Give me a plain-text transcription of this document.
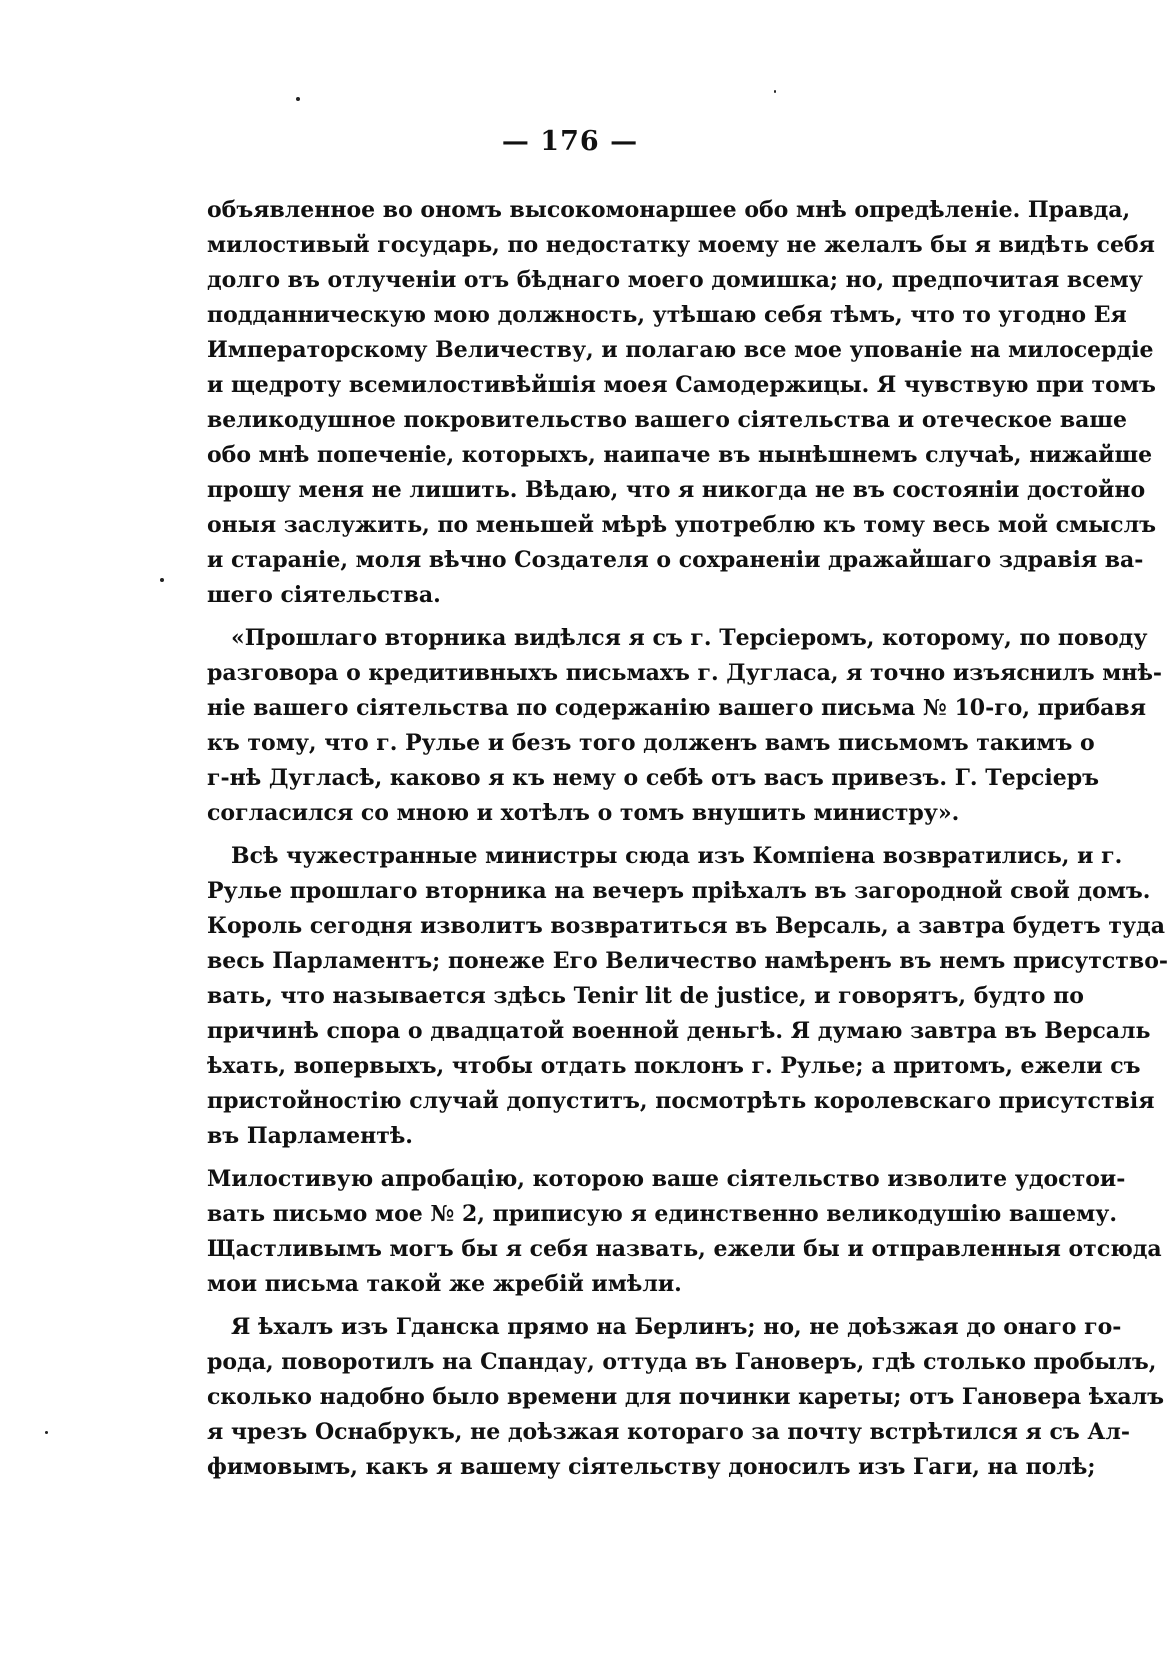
— 176 —
объявленное во ономъ высокомонаршее обо мнѣ опредѣленіе. Правда,
милостивый государь, по недостатку моему не желалъ бы я видѣть себя
долго въ отлученіи отъ бѣднаго моего домишка; но, предпочитая всему
подданническую мою должность, утѣшаю себя тѣмъ, что то угодно Ея
Императорскому Величеству, и полагаю все мое упованіе на милосердіе
и щедроту всемилостивѣйшія моея Самодержицы. Я чувствую при томъ
великодушное покровительство вашего сіятельства и отеческое ваше
обо мнѣ попеченіе, которыхъ, наипаче въ нынѣшнемъ случаѣ, нижайше
прошу меня не лишить. Вѣдаю, что я никогда не въ состояніи достойно
оныя заслужить, по меньшей мѣрѣ употреблю къ тому весь мой смыслъ
и стараніе, моля вѣчно Создателя о сохраненіи дражайшаго здравія ва-
шего сіятельства.
«Прошлаго вторника видѣлся я съ г. Терсіеромъ, которому, по поводу
разговора о кредитивныхъ письмахъ г. Дугласа, я точно изъяснилъ мнѣ-
ніе вашего сіятельства по содержанію вашего письма № 10-го, прибавя
къ тому, что г. Рулье и безъ того долженъ вамъ письмомъ такимъ о
г-нѣ Дугласѣ, каково я къ нему о себѣ отъ васъ привезъ. Г. Терсіеръ
согласился со мною и хотѣлъ о томъ внушить министру».
Всѣ чужестранные министры сюда изъ Компіена возвратились, и г.
Рулье прошлаго вторника на вечеръ пріѣхалъ въ загородной свой домъ.
Король сегодня изволитъ возвратиться въ Версаль, а завтра будетъ туда
весь Парламентъ; понеже Его Величество намѣренъ въ немъ присутство-
вать, что называется здѣсь Tenir lit de justice, и говорятъ, будто по
причинѣ спора о двадцатой военной деньгѣ. Я думаю завтра въ Версаль
ѣхать, вопервыхъ, чтобы отдать поклонъ г. Рулье; а притомъ, ежели съ
пристойностію случай допуститъ, посмотрѣть королевскаго присутствія
въ Парламентѣ.
Милостивую апробацію, которою ваше сіятельство изволите удостои-
вать письмо мое № 2, приписую я единственно великодушію вашему.
Щастливымъ могъ бы я себя назвать, ежели бы и отправленныя отсюда
мои письма такой же жребій имѣли.
Я ѣхалъ изъ Гданска прямо на Берлинъ; но, не доѣзжая до онаго го-
рода, поворотилъ на Спандау, оттуда въ Гановеръ, гдѣ столько пробылъ,
сколько надобно было времени для починки кареты; отъ Гановера ѣхалъ
я чрезъ Оснабрукъ, не доѣзжая котораго за почту встрѣтился я съ Ал-
фимовымъ, какъ я вашему сіятельству доносилъ изъ Гаги, на полѣ;
